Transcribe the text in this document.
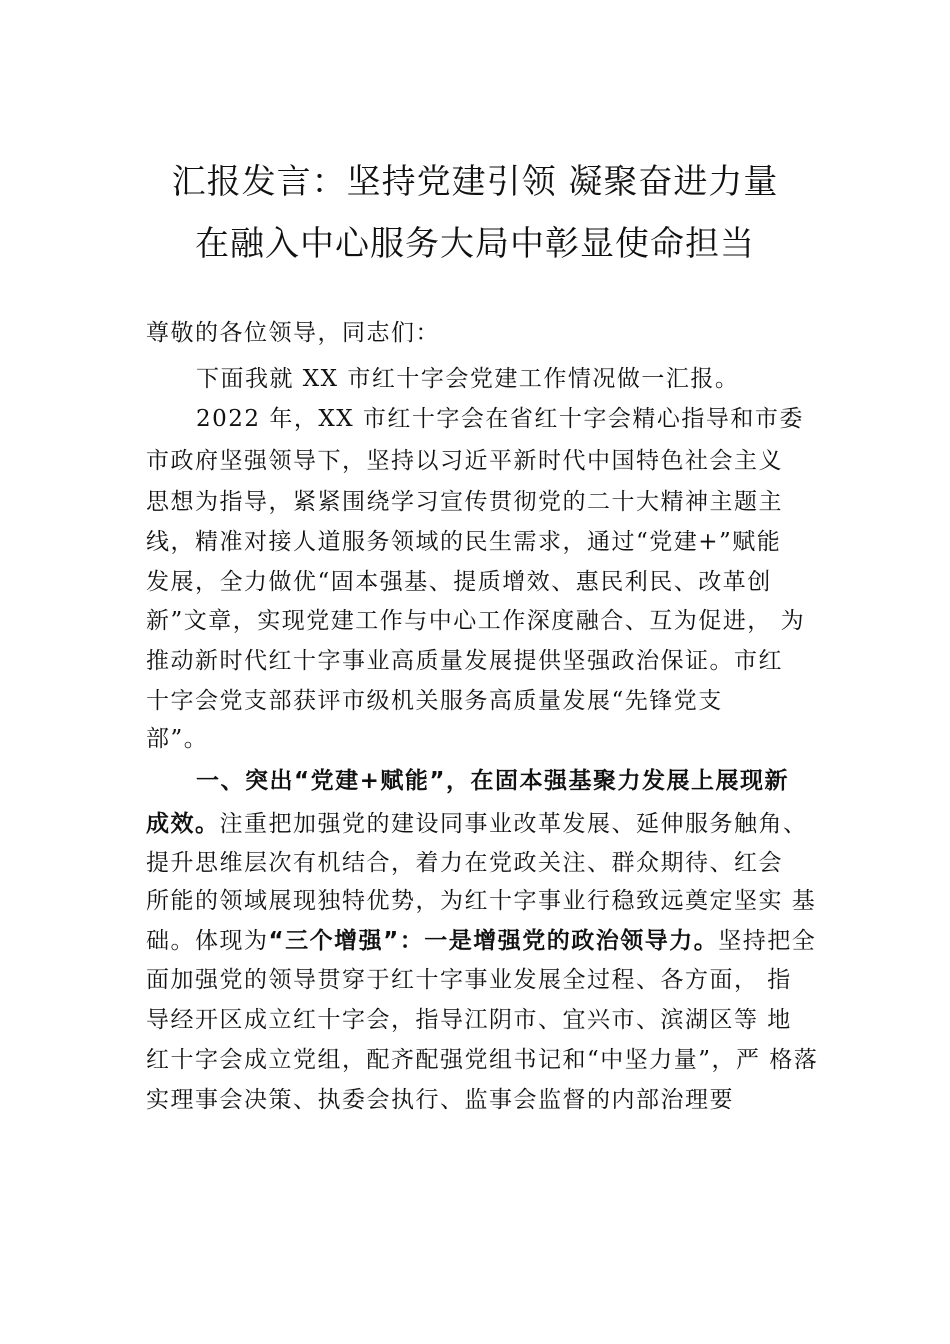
汇报发言：坚持党建引领 凝聚奋进力量
在融入中心服务大局中彰显使命担当
尊敬的各位领导，同志们：
下面我就 XX 市红十字会党建工作情况做一汇报。
2022 年，XX 市红十字会在省红十字会精心指导和市委
市政府坚强领导下，坚持以习近平新时代中国特色社会主义
思想为指导，紧紧围绕学习宣传贯彻党的二十大精神主题主
线，精准对接人道服务领域的民生需求，通过“党建+”赋能
发展，全力做优“固本强基、提质增效、惠民利民、改革创
新”文章，实现党建工作与中心工作深度融合、互为促进， 为
推动新时代红十字事业高质量发展提供坚强政治保证。市红
十字会党支部获评市级机关服务高质量发展“先锋党支
部”。
一、突出“党建+赋能”，在固本强基聚力发展上展现新
成效。注重把加强党的建设同事业改革发展、延伸服务触角、
提升思维层次有机结合，着力在党政关注、群众期待、红会
所能的领域展现独特优势，为红十字事业行稳致远奠定坚实 基
础。体现为“三个增强”：一是增强党的政治领导力。坚持把全
面加强党的领导贯穿于红十字事业发展全过程、各方面， 指
导经开区成立红十字会，指导江阴市、宜兴市、滨湖区等 地
红十字会成立党组，配齐配强党组书记和“中坚力量”，严 格落
实理事会决策、执委会执行、监事会监督的内部治理要
